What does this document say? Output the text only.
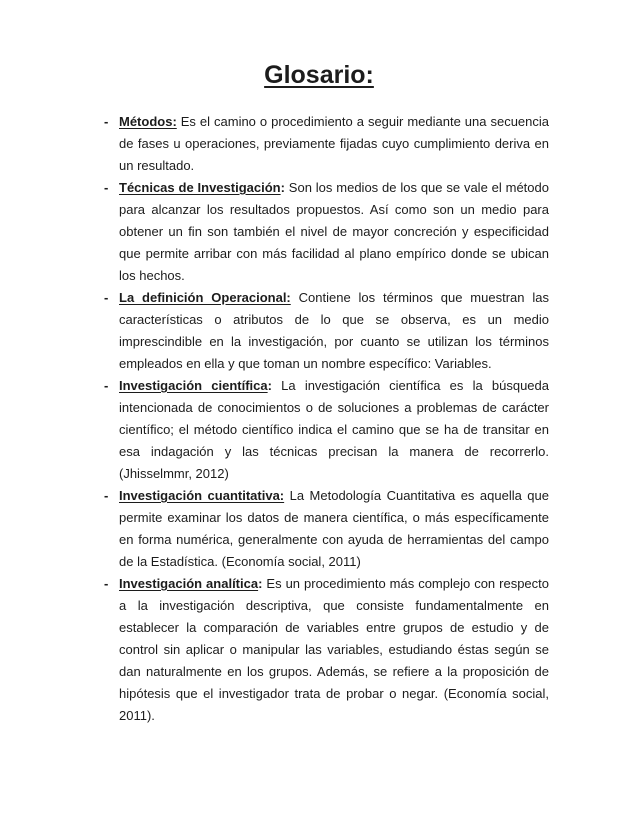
Glosario:
- Métodos: Es el camino o procedimiento a seguir mediante una secuencia de fases u operaciones, previamente fijadas cuyo cumplimiento deriva en un resultado.

- Técnicas de Investigación: Son los medios de los que se vale el método para alcanzar los resultados propuestos. Así como son un medio para obtener un fin son también el nivel de mayor concreción y especificidad que permite arribar con más facilidad al plano empírico donde se ubican los hechos.

- La definición Operacional: Contiene los términos que muestran las características o atributos de lo que se observa, es un medio imprescindible en la investigación, por cuanto se utilizan los términos empleados en ella y que toman un nombre específico: Variables.

- Investigación científica: La investigación científica es la búsqueda intencionada de conocimientos o de soluciones a problemas de carácter científico; el método científico indica el camino que se ha de transitar en esa indagación y las técnicas precisan la manera de recorrerlo. (Jhisselmmr, 2012)

- Investigación cuantitativa: La Metodología Cuantitativa es aquella que permite examinar los datos de manera científica, o más específicamente en forma numérica, generalmente con ayuda de herramientas del campo de la Estadística. (Economía social, 2011)

- Investigación analítica: Es un procedimiento más complejo con respecto a la investigación descriptiva, que consiste fundamentalmente en establecer la comparación de variables entre grupos de estudio y de control sin aplicar o manipular las variables, estudiando éstas según se dan naturalmente en los grupos. Además, se refiere a la proposición de hipótesis que el investigador trata de probar o negar. (Economía social, 2011).
